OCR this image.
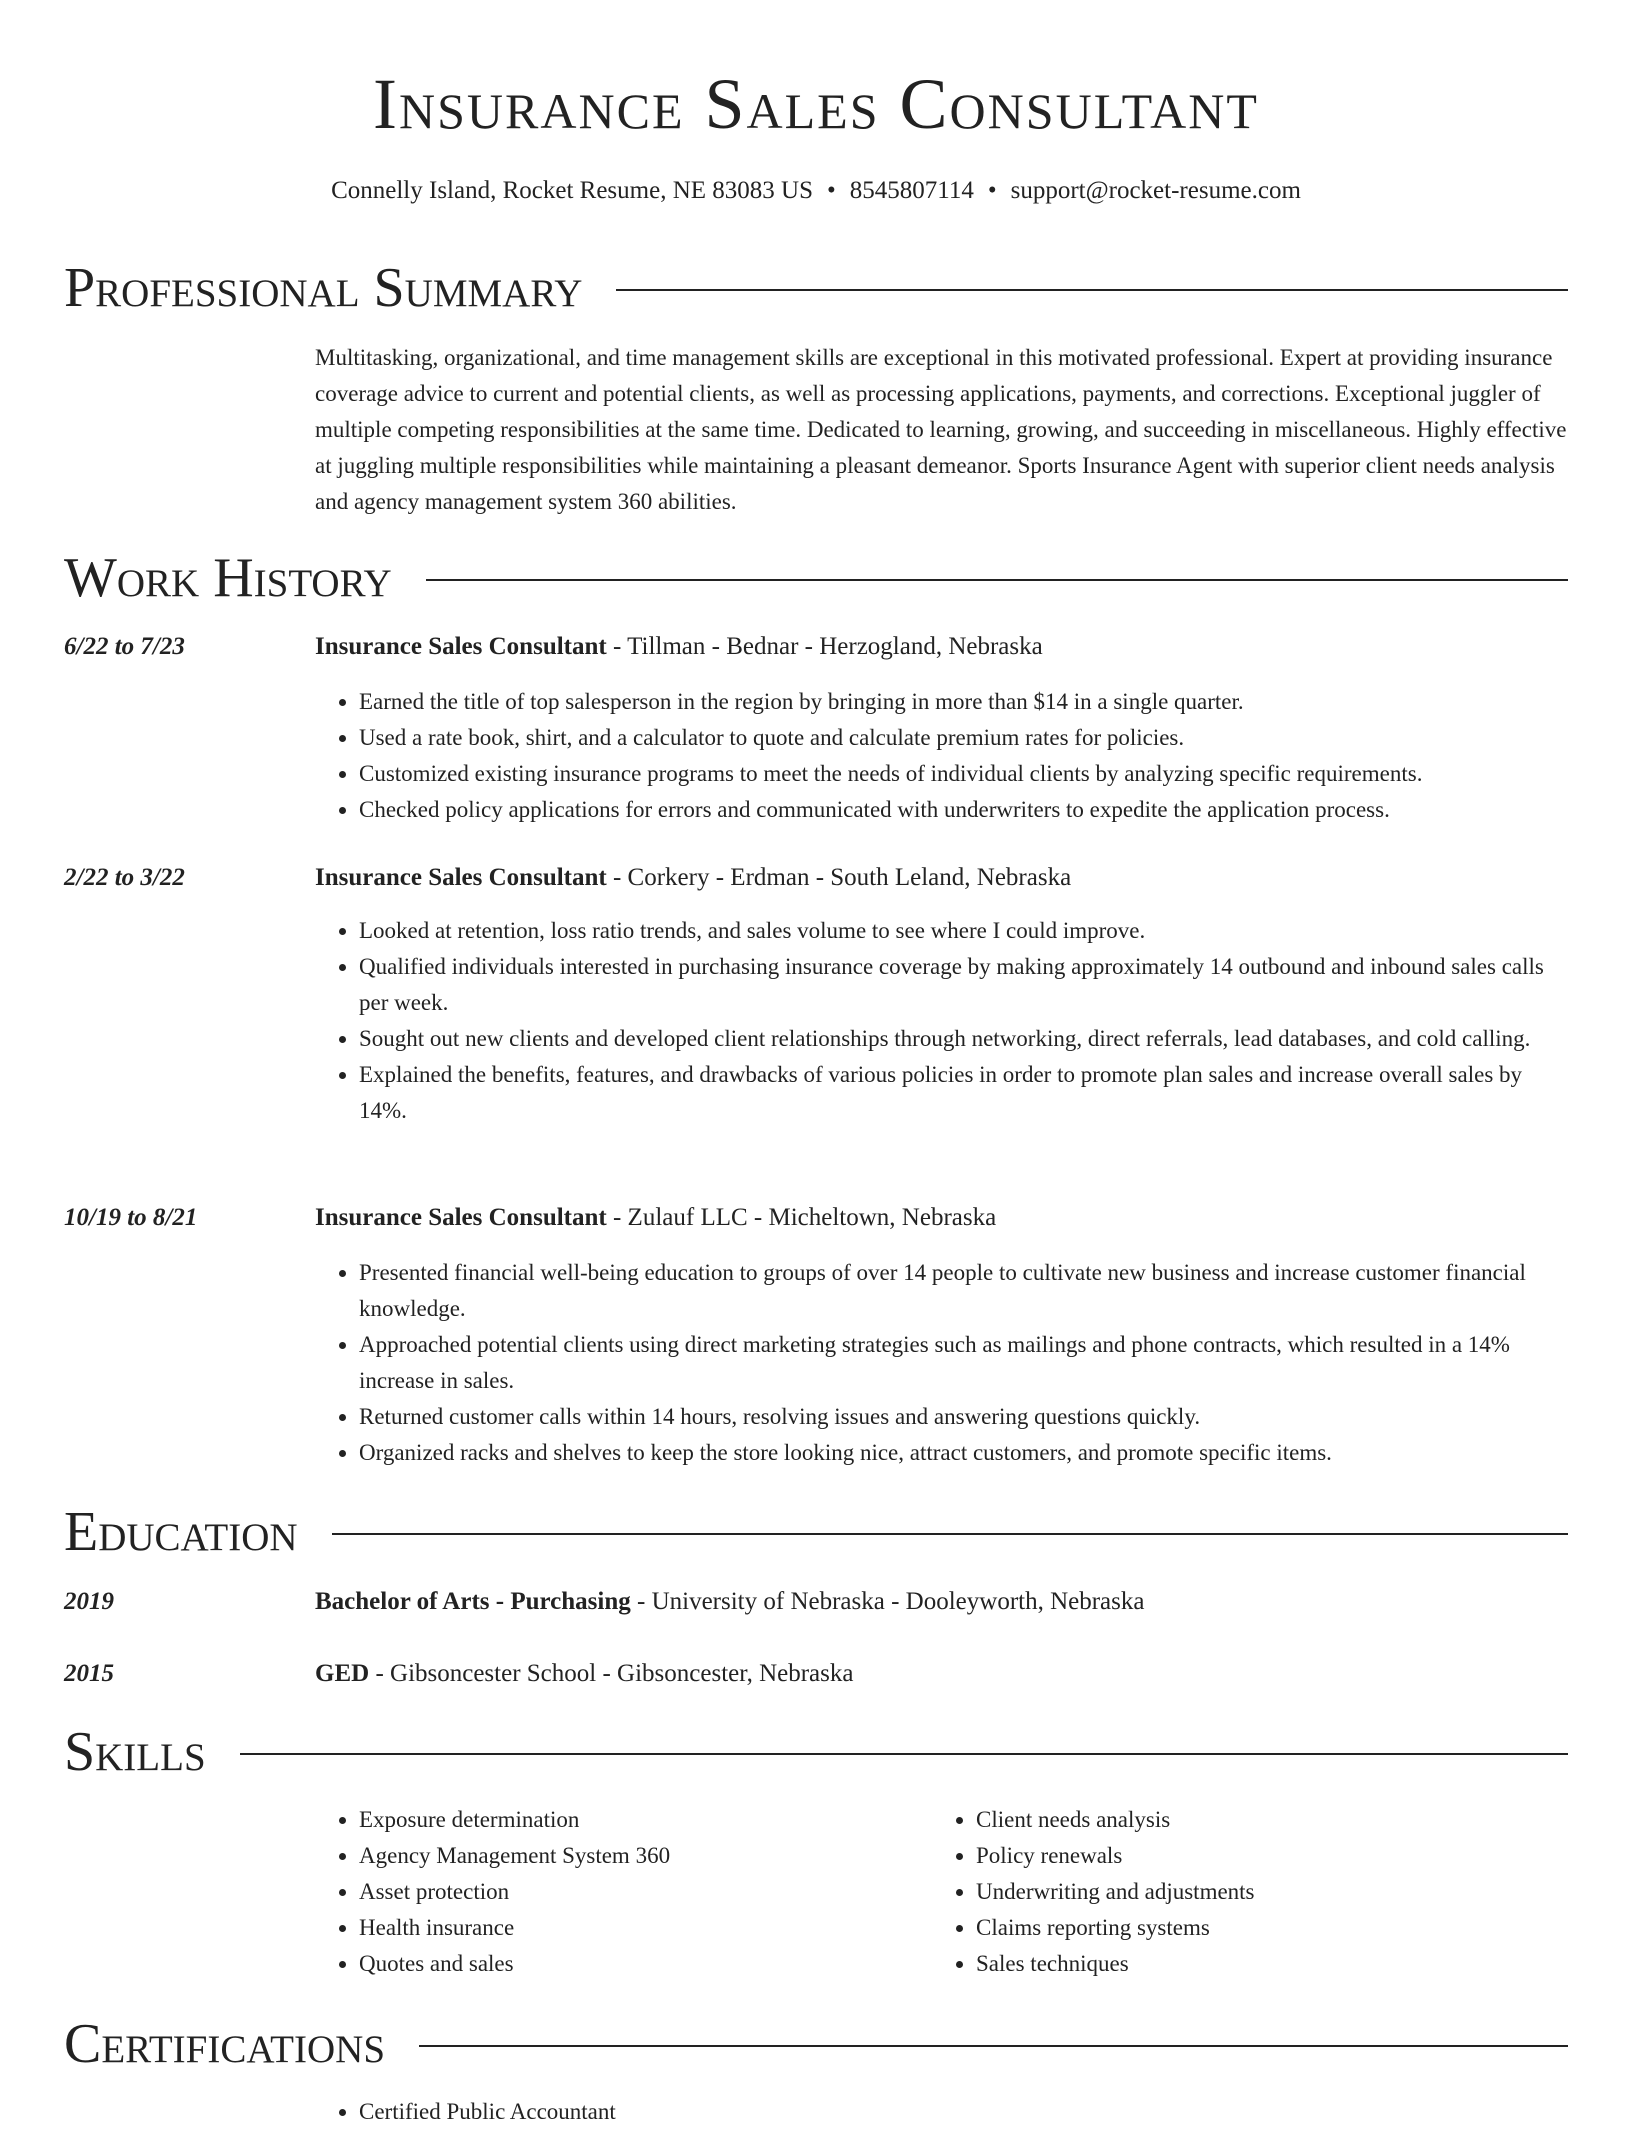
Insurance Sales Consultant
Connelly Island, Rocket Resume, NE 83083 US • 8545807114 • support@rocket-resume.com
Professional Summary

Multitasking, organizational, and time management skills are exceptional in this motivated professional. Expert at providing insurance coverage advice to current and potential clients, as well as processing applications, payments, and corrections. Exceptional juggler of multiple competing responsibilities at the same time. Dedicated to learning, growing, and succeeding in miscellaneous. Highly effective at juggling multiple responsibilities while maintaining a pleasant demeanor. Sports Insurance Agent with superior client needs analysis and agency management system 360 abilities.

Work History
6/22 to 7/23	Insurance Sales Consultant - Tillman - Bednar - Herzogland, Nebraska
• Earned the title of top salesperson in the region by bringing in more than $14 in a single quarter.
• Used a rate book, shirt, and a calculator to quote and calculate premium rates for policies.
• Customized existing insurance programs to meet the needs of individual clients by analyzing specific requirements.
• Checked policy applications for errors and communicated with underwriters to expedite the application process.
2/22 to 3/22	Insurance Sales Consultant - Corkery - Erdman - South Leland, Nebraska
• Looked at retention, loss ratio trends, and sales volume to see where I could improve.
• Qualified individuals interested in purchasing insurance coverage by making approximately 14 outbound and inbound sales calls per week.
• Sought out new clients and developed client relationships through networking, direct referrals, lead databases, and cold calling.
• Explained the benefits, features, and drawbacks of various policies in order to promote plan sales and increase overall sales by 14%.
10/19 to 8/21	Insurance Sales Consultant - Zulauf LLC - Micheltown, Nebraska
• Presented financial well-being education to groups of over 14 people to cultivate new business and increase customer financial knowledge.
• Approached potential clients using direct marketing strategies such as mailings and phone contracts, which resulted in a 14% increase in sales.
• Returned customer calls within 14 hours, resolving issues and answering questions quickly.
• Organized racks and shelves to keep the store looking nice, attract customers, and promote specific items.
Education
2019	Bachelor of Arts - Purchasing - University of Nebraska - Dooleyworth, Nebraska
2015	GED - Gibsoncester School - Gibsoncester, Nebraska
Skills
• Exposure determination
• Agency Management System 360
• Asset protection
• Health insurance
• Quotes and sales
• Client needs analysis
• Policy renewals
• Underwriting and adjustments
• Claims reporting systems
• Sales techniques
Certifications
• Certified Public Accountant
